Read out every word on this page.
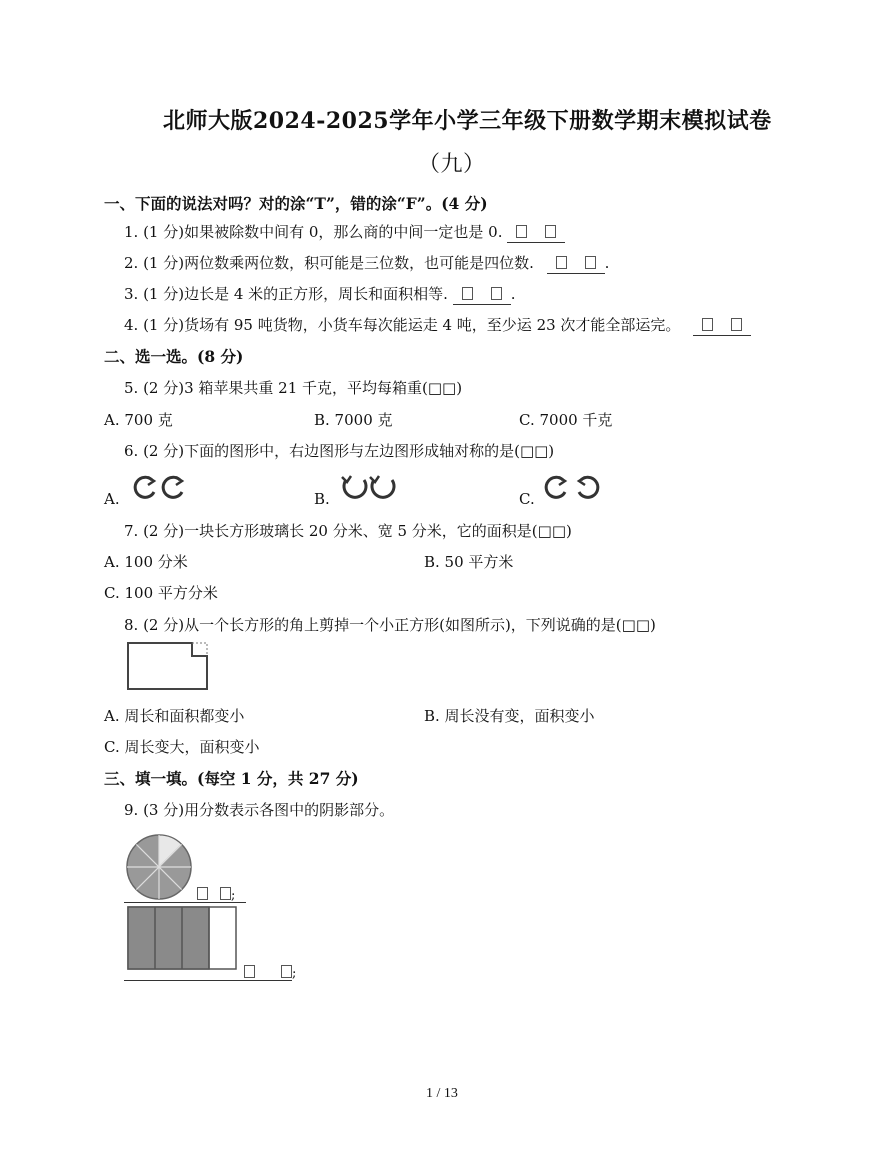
北师大版2024-2025学年小学三年级下册数学期末模拟试卷
（九）
一、下面的说法对吗？对的涂“T”，错的涂“F”。(4 分)
1. (1 分)如果被除数中间有 0，那么商的中间一定也是 0.
2. (1 分)两位数乘两位数，积可能是三位数，也可能是四位数.	.
3. (1 分)边长是 4 米的正方形，周长和面积相等.	.
4. (1 分)货场有 95 吨货物，小货车每次能运走 4 吨，至少运 23 次才能全部运完。
二、选一选。(8 分)
5. (2 分)3 箱苹果共重 21 千克，平均每箱重(□□)
A. 700 克	B. 7000 克	C. 7000 千克
6. (2 分)下面的图形中，右边图形与左边图形成轴对称的是(□□)
A.	B.	C.
7. (2 分)一块长方形玻璃长 20 分米、宽 5 分米，它的面积是(□□)
A. 100 分米	B. 50 平方米
C. 100 平方分米
8. (2 分)从一个长方形的角上剪掉一个小正方形(如图所示)，下列说确的是(□□)
A. 周长和面积都变小	B. 周长没有变，面积变小
C. 周长变大，面积变小
三、填一填。(每空 1 分，共 27 分)
9. (3 分)用分数表示各图中的阴影部分。
;
;
1 / 13
